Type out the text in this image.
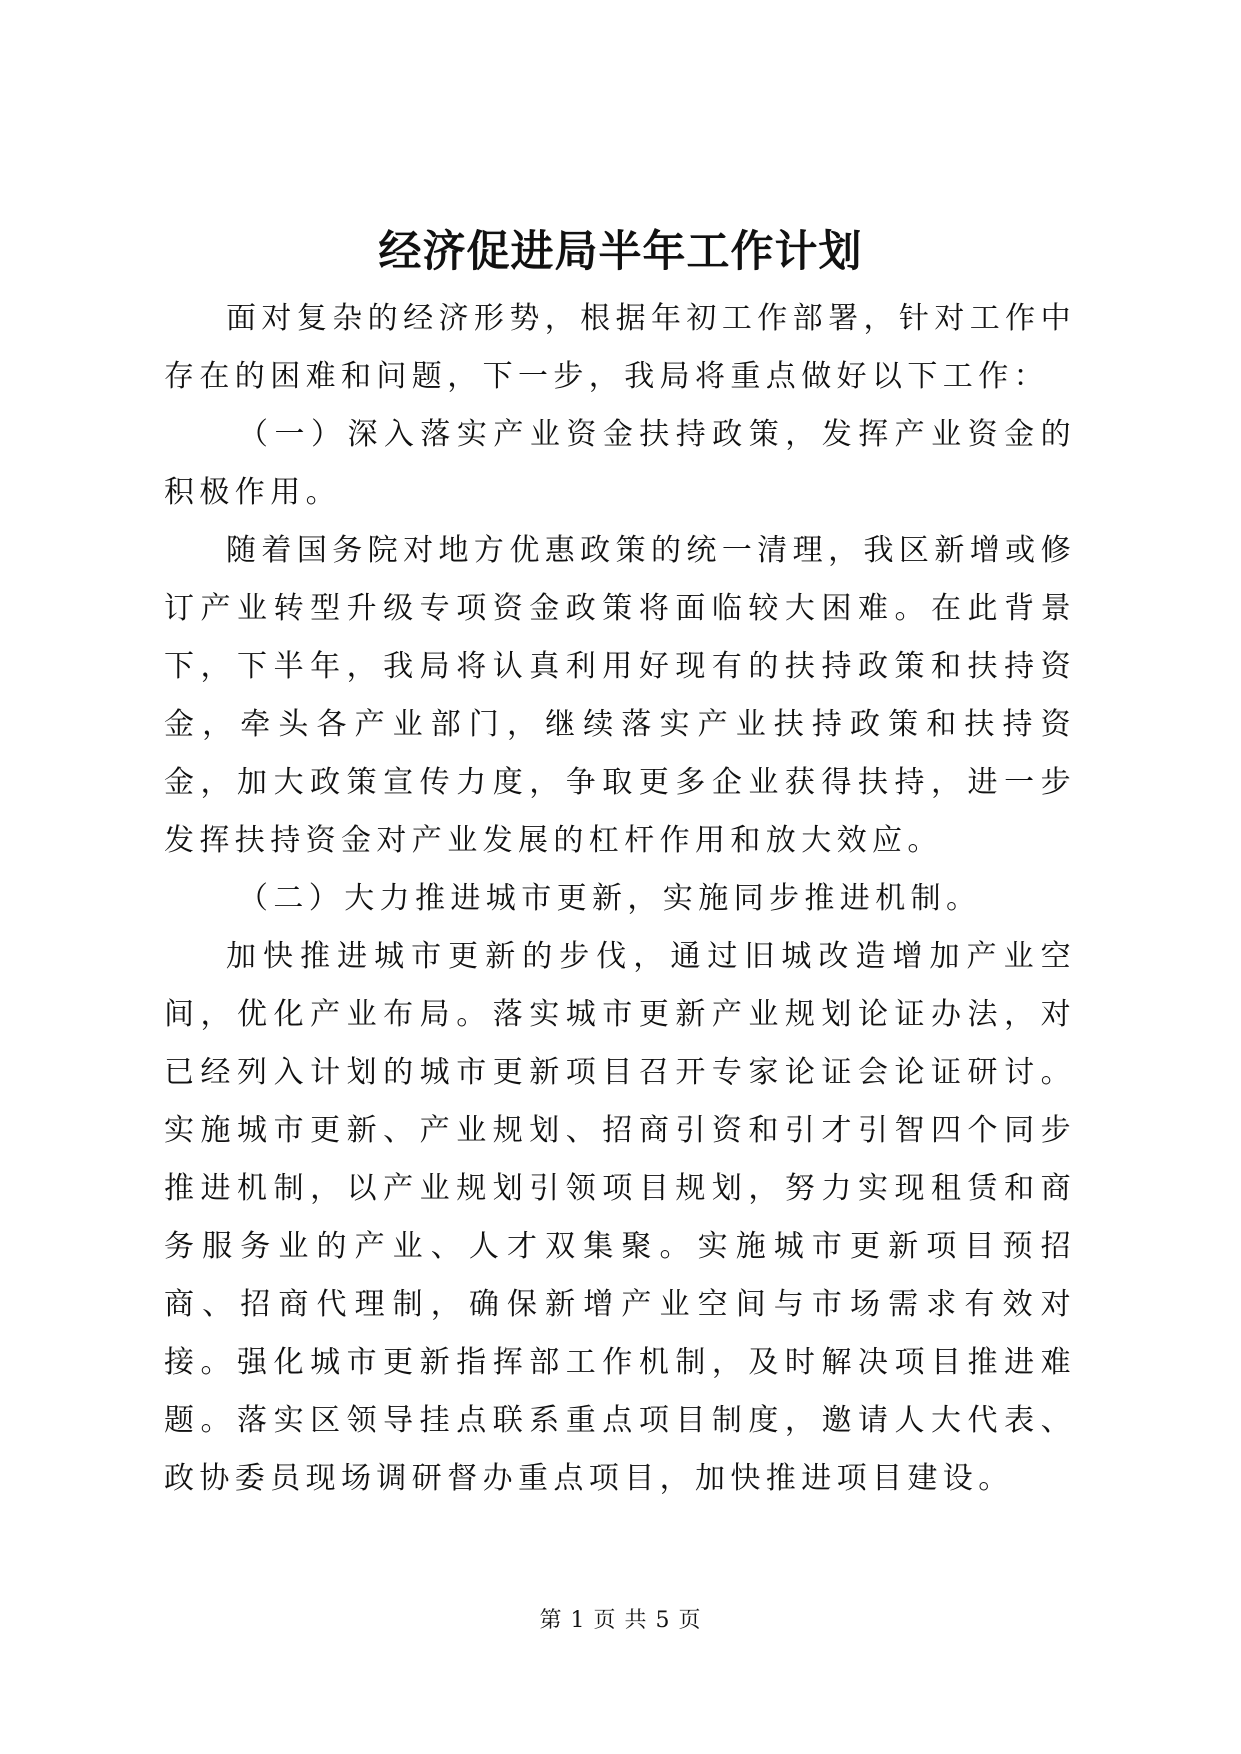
经济促进局半年工作计划

面对复杂的经济形势，根据年初工作部署，针对工作中存在的困难和问题，下一步，我局将重点做好以下工作：

（一）深入落实产业资金扶持政策，发挥产业资金的积极作用。

随着国务院对地方优惠政策的统一清理，我区新增或修订产业转型升级专项资金政策将面临较大困难。在此背景下，下半年，我局将认真利用好现有的扶持政策和扶持资金，牵头各产业部门，继续落实产业扶持政策和扶持资金，加大政策宣传力度，争取更多企业获得扶持，进一步发挥扶持资金对产业发展的杠杆作用和放大效应。

（二）大力推进城市更新，实施同步推进机制。

加快推进城市更新的步伐，通过旧城改造增加产业空间，优化产业布局。落实城市更新产业规划论证办法，对已经列入计划的城市更新项目召开专家论证会论证研讨。实施城市更新、产业规划、招商引资和引才引智四个同步推进机制，以产业规划引领项目规划，努力实现租赁和商务服务业的产业、人才双集聚。实施城市更新项目预招商、招商代理制，确保新增产业空间与市场需求有效对接。强化城市更新指挥部工作机制，及时解决项目推进难题。落实区领导挂点联系重点项目制度，邀请人大代表、政协委员现场调研督办重点项目，加快推进项目建设。

第 1 页 共 5 页
